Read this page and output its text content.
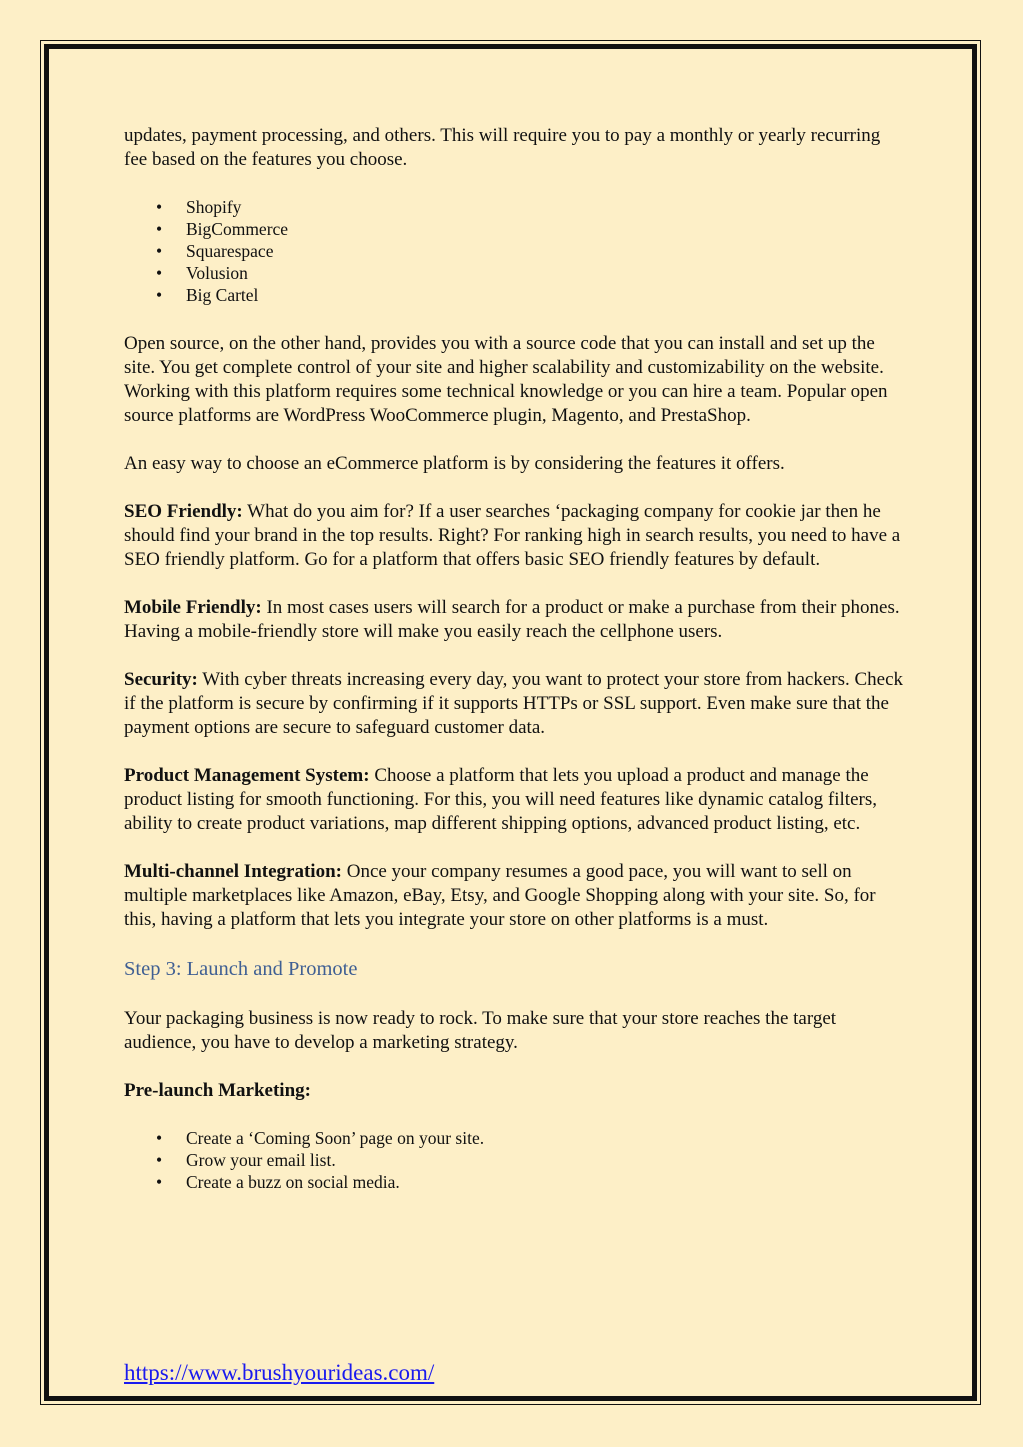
updates, payment processing, and others. This will require you to pay a monthly or yearly recurring fee based on the features you choose.

• Shopify
• BigCommerce
• Squarespace
• Volusion
• Big Cartel

Open source, on the other hand, provides you with a source code that you can install and set up the site. You get complete control of your site and higher scalability and customizability on the website. Working with this platform requires some technical knowledge or you can hire a team. Popular open source platforms are WordPress WooCommerce plugin, Magento, and PrestaShop.

An easy way to choose an eCommerce platform is by considering the features it offers.

SEO Friendly: What do you aim for? If a user searches ‘packaging company for cookie jar then he should find your brand in the top results. Right? For ranking high in search results, you need to have a SEO friendly platform. Go for a platform that offers basic SEO friendly features by default.

Mobile Friendly: In most cases users will search for a product or make a purchase from their phones. Having a mobile-friendly store will make you easily reach the cellphone users.

Security: With cyber threats increasing every day, you want to protect your store from hackers. Check if the platform is secure by confirming if it supports HTTPs or SSL support. Even make sure that the payment options are secure to safeguard customer data.

Product Management System: Choose a platform that lets you upload a product and manage the product listing for smooth functioning. For this, you will need features like dynamic catalog filters, ability to create product variations, map different shipping options, advanced product listing, etc.

Multi-channel Integration: Once your company resumes a good pace, you will want to sell on multiple marketplaces like Amazon, eBay, Etsy, and Google Shopping along with your site. So, for this, having a platform that lets you integrate your store on other platforms is a must.

Step 3: Launch and Promote

Your packaging business is now ready to rock. To make sure that your store reaches the target audience, you have to develop a marketing strategy.

Pre-launch Marketing:

• Create a ‘Coming Soon’ page on your site.
• Grow your email list.
• Create a buzz on social media.
https://www.brushyourideas.com/
